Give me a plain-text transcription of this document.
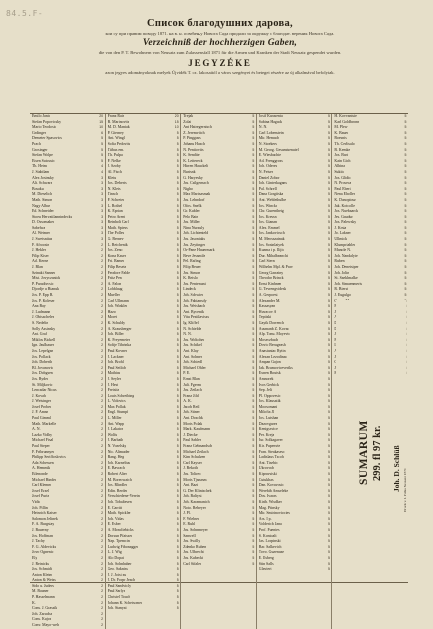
84.5.F-
Список благодушних дарова,
кои су при правим поводу 1871. на в. н. освећењу Новога Сада придали за окружну с благодат. вереник Новога Сада.
Verzeichniß der hochherzigen Gaben,
die von den P. T. Bewohnern von Neusatz zum Zulassensfall 1871 für die Armen und Kranken der Stadt Neusatz gespendet wurden.
JEGYZÉKE
azon jegyes adományoknak melyek Újvidék T. cz. lakosaitól a város szegényei és betegei részére az új alkalmával befolytak.
Emilo Janic	20
Stefan Popovicsky	15
Mario Teodosic	10
Grdinger	6
Demeter Spasovics	5
Prach	5
Grosinger	5
Stefan Wolpe	5
Eisen Sutcusic	5
Th. Heim	4
J. Stabilam	4
Alex Josinsky	3
Alt. Schwarz	3
Bosaku	3
M. Dieselich	3
Math. Simon	3
Nagy Albus	3
Ed. Schneider	3
Stoeu Hervatilannindecks	3
D. Ossomaker	3
Sabelwa	3
Al. Weimer	3
J. Swetsnitus	3
F. Afroosin	2
J. Hekler	2
Filip Kiser	2
Ad. Kerne	2
J. Blan	2
Szinaki Sanner	2
Mist. Jovyczanick	2
P. Paradivcsic	2
Djordje u Bianuk	2
Jos. P. Epp R.	2
Jos. P. Koleser	2
Ana Bay	2
J. Ludmann	2
J. Obisacheles	2
S. Nedelin	2
Solly Assinsky	2
Ant. Graf	2
Miklos Bickell	2
Ign. Jaulbauer	2
Jos. Lepelgan	2
Jos. Pollack	2
Joh. Doberth	2
Bl. Jovanovic	2
Jos. Dobgsen	2
Jos. Ryder	2
St. Miljkovic	2
Lencadar Nicus	2
J. Kovah	2
J. Weisinger	2
Josef Prober	2
J. F. Amsn	2
Paul Gimml	2
Math. Markelle	2
A. N.	2
Lazko Vidhy	2
Michael Fisal	2
Paul Steper	2
F. Fribrunnyer	2
Philipp Seriffoslovics	2
Ada Schessen	2
A. Hemmik	2
Eilenonde	2
Michael Binder	2
Carl Klemm	2
Josef Erzel	2
Josef Puriz	2
Vidic	2
Joh. Pillin	2
Heinrich Kaiser	2
Salomon Jelinek	2
F. A. Burgstay	2
J. Bauerny	2
Jos. Hoffman	2
J. Tachy	2
F. G. Aldevicks	2
Jovo Ognenic	2
Ely	2
J. Reinicks	2
Jos. Schmidt	2
Anton Kleim	2
Anton & Weiss	2
Sido u. Juders	2
M. Bauner	2
P. Hasselmann	2
K.	2
Cons. J. Grassik	2
Joh. Zarucha	2
Cons. Kujos	2
Conv. Mayo-weh	2
Franz Rais	20
B. Marinovits	15
M. D. Maniak	10
P. Gierney	5
Ant. Wingl	5
Sofia Pedovits	5
Tiibus em.	5
Th. Pulpa	5
F. Nelke	5
J. Szoby	5
Al. Fisch	5
Kleiu	5
Jos. Deberts	5
N. Kleis	5
Tinsch	5
F. Schreter	5
L. Rothel	5
K. Eprian	5
Petro Arent	5
Reinholt Carl	5
Math. Spiess	5
The Polles	5
G. Bernev	5
L. Reichenik	5
Jos. Zeno	5
Kona Kaser	5
Fri. Ramer	5
Filip Besetz	5
Feodore Falde	5
Fritz Pen	5
A. Falon	5
Lohblaug	5
Mueller	5
Carl Ullmann	5
Joh. Winkler	5
Hazo	5
Moret	5
K. Schuldy	5
A. Krausberger	5
Joh. Biller	5
K. Freyemeier	5
Sofije Tibrinka	5
Paul Kovner	5
J. Lackner	5
Joh. Brohl	5
Paul Seilich	5
Mathias	5
J. Seyler	5
J. Hest	5
Freisitz	5
Louis Schreibing	5
L. Vidovics	5
Max Pollak	5
Engl. Stumpf	5
L. Miller	5
Ant. Wapp	5
J. Lakatos	5
Wolfu	5
J. Barbath	5
N. Vozelsky	5
Nic. Altmader	5
Bang. Heg	5
Joh. Karnelius	5
E. Bavrach	5
Robert Alter	5
M. Boreowaich	5
Jos. Rlindler	5
Edin. Rerder	5
Verschiedene-Verein	5
Joh. Tobaltesen	5
E. Carritt	5
Math. Spickler	5
Joh. Vidas	5
E. Esber	5
A. Moncliebicks	5
Dorsun Pfaisser	5
Nap. Tpemcin	5
Ludwig Fibonagger	5
L. J. Wig	5
Alo Dopai	5
Joh. Sohnhaber	5
Geo. Sakniss	5
J. J. Joist zu	5
J. Dr. Forpr Jeach	5
Paul Sandvicly	5
Paul Sarlya	5
Christel Touch	5
Johann K. Schetscmer	5
Joh. Stanyai	5
Trejak	5
Zolai	5
Ant Hatregernisch	5
Z. Jeremvitch	5
P. Pinggass	5
Johanu Hasch	5
N. Pentiovits	5
K. Sendite	5
K. Leitereck	5
Hirren Hauckelt	5
Burisnk	5
G. Haryesky	5
Jos. Csilgernach	5
Nigho	5
Max Martsasmak	5
Jos. Lehndorf	5
Ofos. Snelk	5
Gr. Kubler	5
Pelo Bain	5
Jos. Miller	5
Nina Nursuly	5
Joh. Lichtenteld	5
Jos. Jasoniaks	5
Jos. Zeyiinger	5
Or-Pane Hauermark	5
Beve Jessmile	5
Pel. Rafing	5
Filip Beuer	5
Jos. Simon	5
K. Reislo	5
Jos. Pentenuni	5
Lindeck	5
Joh. Schwier	5
Joh. Fabiansdy	5
Jos. Weisbach	5
Ant. Bycenik	5
Vitu Pestilaviszs	5
Ig. Kliffel	5
N. Schielde	5
N. N.	5
Jos. Woltoher	5
Jos. Schikel	5
Ant. Klay	5
Ant. Sohner	5
Joh. Schiedl	5
Michael Ohler	5
P. E.	5
Ernst Blan	5
Juli. Fgerm	5
Jos. Zeilach	5
Franz Jild	5
A. K.	5
Jacob Reil	5
Joh. Stiner	5
Ant. Doschk	5
Moris Polak	5
Mark. Kaufmann	5
J. Diecke	5
Paul Sabler	5
Franz Gebnandsch	5
Michael Zeilach	5
Kim Schulzen	5
Carl Kayser	5
J. Bekoth	5
Jos. Tolirec	5
Moris Tjsnasm	5
Ant. Bazi	5
G. Der Klinischek	5
Joh. Baltyst	5
Joh. Karamanich	5
Noto. Rebeyer	5
J. Pl.	5
F. Wielner	5
E. Ruhl	5
Jos. Sohnmeyer	5
Sanwell	5
Jos. Swilly	5
Zdenko Ruben	5
Jos. Ulbrecht	5
Jos. Kubecki	5
Carl Sifaler	5
Josif Karasenta	5
Sabina Hagack	5
N. N.	5
Carl Lobenstein	5
Mir. Hemach	5
N. Stoekers	5
M. Georg. Gesamtsenutel	5
E. Wiesbachie	5
Ad. Frenggross	5
Joh. Oderes	5
N. Feiser	5
Daniel Zobor	5
Joh. Ginterkagans	5
Pal. Schrell	5
Dana Gorgiiska	5
Ant. Weblethulbe	5
Jos. Winckr	5
Chr. Gurentheig	5
Jos. Kressn	5
Jos. Gianan	5
Alex. Emmel	5
Jos. Jankovicsch	5
M. Meosszainak	5
Jos. Sosinlaiyek	5
Kuzma i p. Ilijic	5
Dur. Mihalbeanchi	5
Carl Stern	5
Wilhelm Mpl. & Prav	5
Georg Garrainy	5
Theodor Brinck	5
Ernst Kinhnen	5
G. Tevrengvidesk	5
A. Gerpoest	5
Alexander M.	5
Kassasyan	5
Huvacov A	5
Teptiski	5
Gayik Dorrench	5
Ausmanb Z. Kovac	5
Alp. Tonu. Moyevic	5
Moseczbach	5
Dovic Berugeash	5
Anastaniac Rytin	5
Alexan Lezodinac	5
Ampan Gajon	5
Jak. Brumoviceveriks	5
Exnen Boutsk	5
Amnorek	5
Ivos Gerbick	5
Sep. Jeli	5
Pl. Oppovesic	5
Jos. Klausatik	5
Moosomani	5
Milofta Jl	5
Jos. Lutshan	5
Dazovgarez	5
Kenigssvice	5
Per. Kreja	5
Jur. Solkagaver	5
Kir. Pupenvie	5
Fran. Steakasesc	5
Ladislaus Tscoh	5
Ant. Tisebic	5
Ukrovoch	5
Kipravsiski	5
Cutukhas	5
Dan. Kovavosic	5
Werebib Amseleke	5
Dos. Ivaras	5
Kirib. Wisdker	5
Mag. Ptinsky	5
Mir. Smirinoviocies	5
Ars. I p.	5
Voldericb Jana	5
Prof. Fuentes	5
S. Kontoalt	5
Jas. Lorpinski	5
Bar. Salkevich	5
Tovo. Guzenaze	5
E. Ilsberg	5
Stin Salls	5
Glaviert	5
H. Kovvantsie	5
Karl Goldbronn	5
M. Plew	5
K. Bauer	5
Boesnis	5
Th. Cerlisalo	5
B. Kemke	5
Jos. Bart	5
Kain Gich	5
Albina	5
Sukiic	5
Jos. Glidic	5
N. Proseca	5
Paul Ebert	5
Nena Eholler	5
K. Danopiosz	5
Jak. Kotcolle	5
Jos. Nuebaarck	5
Jes. Gaudur	5
Jos. Palewsky	5
J. Krsta	5
Jo. Lakner	5
Ullmick	5
Klumpriabler	5
Manole N.	5
Joh. Nandalyte	5
Ruben	5
Joh. Deneisiper	5
Joh. Jolin	5
St. Saeklmalke	5
Joh. Simaenmeris	5
R. Bierst	5
J. Eugulgo	5
SUMARUM 299. fl 97 kr. Joh. D. Schlüß Druck v. I. Pulka Neusatz 1871
